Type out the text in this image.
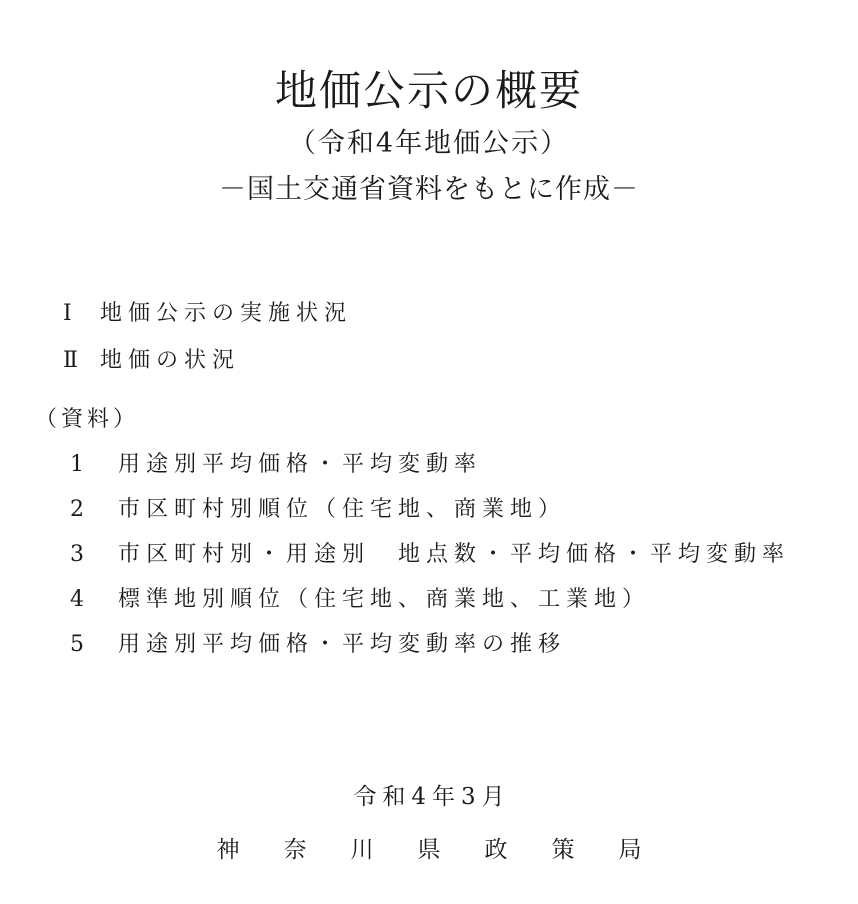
地価公示の概要
（令和4年地価公示）
－国土交通省資料をもとに作成－
Ⅰ	地価公示の実施状況
Ⅱ	地価の状況
（資料）
1	用途別平均価格・平均変動率
2	市区町村別順位（住宅地、商業地）
3	市区町村別・用途別　地点数・平均価格・平均変動率
4	標準地別順位（住宅地、商業地、工業地）
5	用途別平均価格・平均変動率の推移
令和4年3月
神奈川県政策局
